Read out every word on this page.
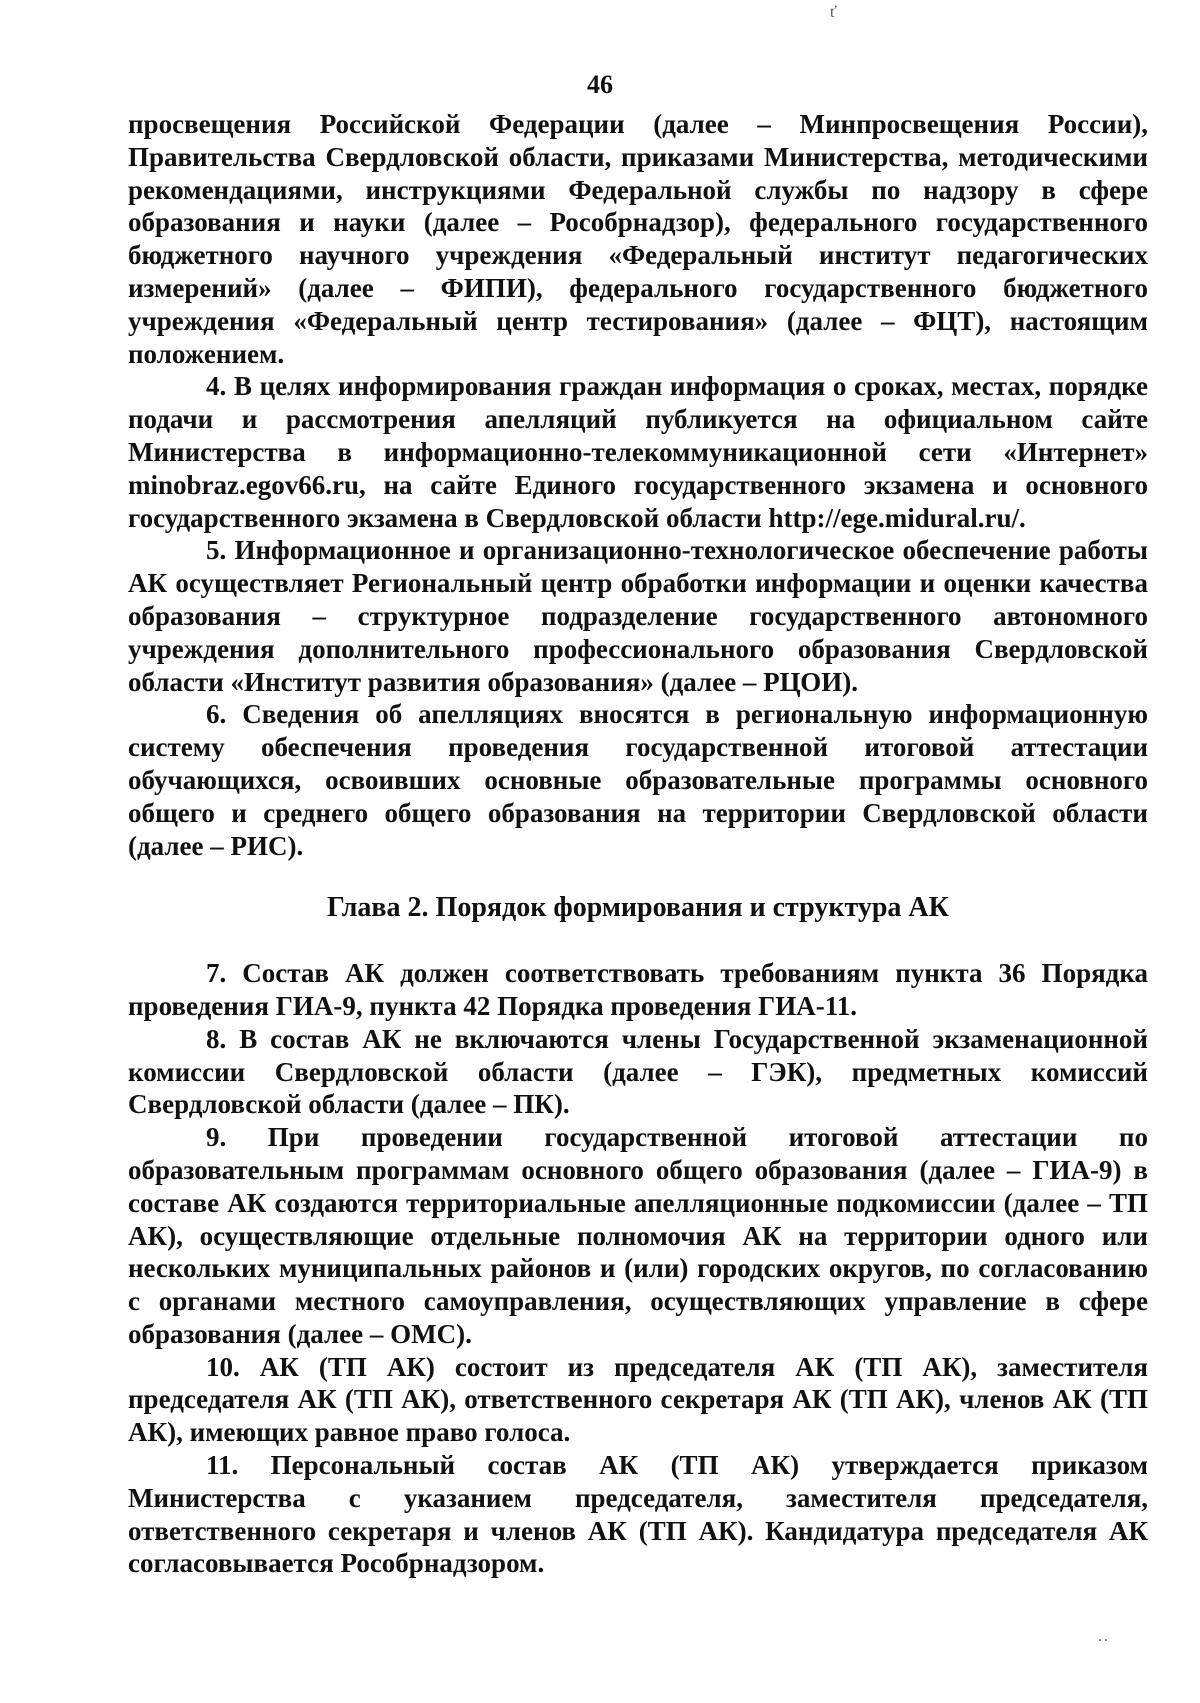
ť
46

просвещения Российской Федерации (далее – Минпросвещения России), Правительства Свердловской области, приказами Министерства, методическими рекомендациями, инструкциями Федеральной службы по надзору в сфере образования и науки (далее – Рособрнадзор), федерального государственного бюджетного научного учреждения «Федеральный институт педагогических измерений» (далее – ФИПИ), федерального государственного бюджетного учреждения «Федеральный центр тестирования» (далее – ФЦТ), настоящим положением.

4. В целях информирования граждан информация о сроках, местах, порядке подачи и рассмотрения апелляций публикуется на официальном сайте Министерства в информационно-телекоммуникационной сети «Интернет» minobraz.egov66.ru, на сайте Единого государственного экзамена и основного государственного экзамена в Свердловской области http://ege.midural.ru/.

5. Информационное и организационно-технологическое обеспечение работы АК осуществляет Региональный центр обработки информации и оценки качества образования – структурное подразделение государственного автономного учреждения дополнительного профессионального образования Свердловской области «Институт развития образования» (далее – РЦОИ).

6. Сведения об апелляциях вносятся в региональную информационную систему обеспечения проведения государственной итоговой аттестации обучающихся, освоивших основные образовательные программы основного общего и среднего общего образования на территории Свердловской области (далее – РИС).

Глава 2. Порядок формирования и структура АК

7. Состав АК должен соответствовать требованиям пункта 36 Порядка проведения ГИА-9, пункта 42 Порядка проведения ГИА-11.

8. В состав АК не включаются члены Государственной экзаменационной комиссии Свердловской области (далее – ГЭК), предметных комиссий Свердловской области (далее – ПК).

9. При проведении государственной итоговой аттестации по образовательным программам основного общего образования (далее – ГИА-9) в составе АК создаются территориальные апелляционные подкомиссии (далее – ТП АК), осуществляющие отдельные полномочия АК на территории одного или нескольких муниципальных районов и (или) городских округов, по согласованию с органами местного самоуправления, осуществляющих управление в сфере образования (далее – ОМС).

10. АК (ТП АК) состоит из председателя АК (ТП АК), заместителя председателя АК (ТП АК), ответственного секретаря АК (ТП АК), членов АК (ТП АК), имеющих равное право голоса.

11. Персональный состав АК (ТП АК) утверждается приказом Министерства с указанием председателя, заместителя председателя, ответственного секретаря и членов АК (ТП АК). Кандидатура председателя АК согласовывается Рособрнадзором.

..
